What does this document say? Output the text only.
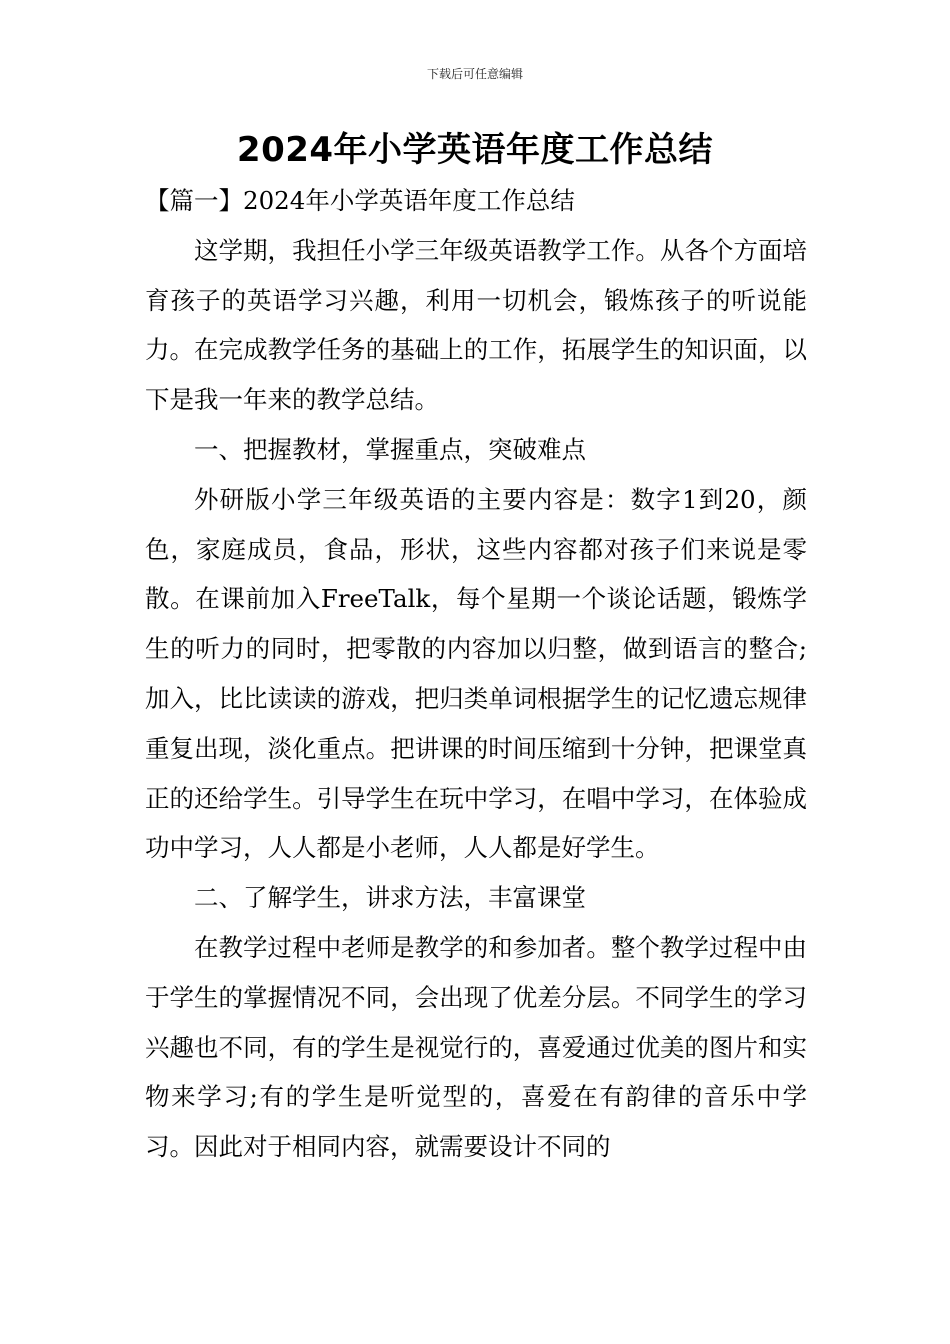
下载后可任意编辑
2024年小学英语年度工作总结

【篇一】2024年小学英语年度工作总结

这学期，我担任小学三年级英语教学工作。从各个方面培育孩子的英语学习兴趣，利用一切机会，锻炼孩子的听说能力。在完成教学任务的基础上的工作，拓展学生的知识面，以下是我一年来的教学总结。

一、把握教材，掌握重点，突破难点

外研版小学三年级英语的主要内容是：数字1到20，颜色，家庭成员，食品，形状，这些内容都对孩子们来说是零散。在课前加入FreeTalk，每个星期一个谈论话题，锻炼学生的听力的同时，把零散的内容加以归整，做到语言的整合;加入，比比读读的游戏，把归类单词根据学生的记忆遗忘规律重复出现，淡化重点。把讲课的时间压缩到十分钟，把课堂真正的还给学生。引导学生在玩中学习，在唱中学习，在体验成功中学习，人人都是小老师，人人都是好学生。

二、了解学生，讲求方法，丰富课堂

在教学过程中老师是教学的和参加者。整个教学过程中由于学生的掌握情况不同，会出现了优差分层。不同学生的学习兴趣也不同，有的学生是视觉行的，喜爱通过优美的图片和实物来学习;有的学生是听觉型的，喜爱在有韵律的音乐中学习。因此对于相同内容，就需要设计不同的
